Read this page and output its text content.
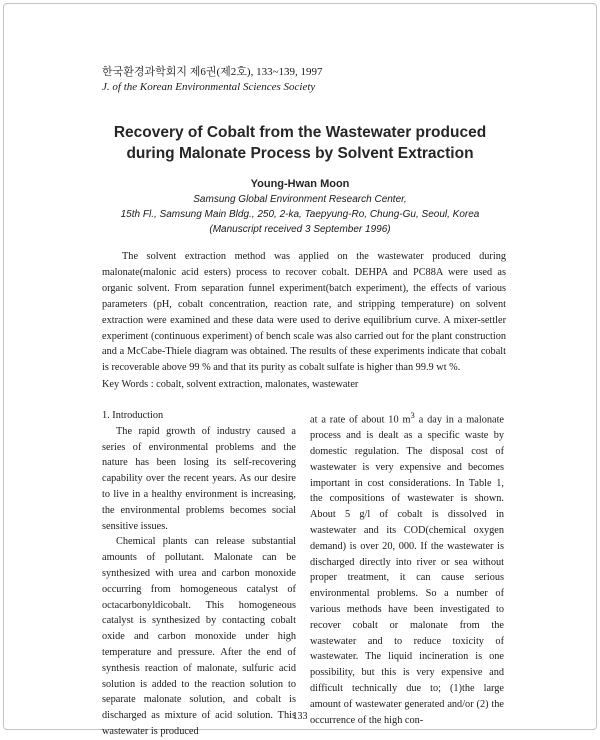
한국환경과학회지 제6권(제2호), 133~139, 1997
J. of the Korean Environmental Sciences Society
Recovery of Cobalt from the Wastewater produced
during Malonate Process by Solvent Extraction
Young-Hwan Moon
Samsung Global Environment Research Center,
15th Fl., Samsung Main Bldg., 250, 2-ka, Taepyung-Ro, Chung-Gu, Seoul, Korea
(Manuscript received 3 September 1996)

The solvent extraction method was applied on the wastewater produced during malonate(malonic acid esters) process to recover cobalt. DEHPA and PC88A were used as organic solvent. From separation funnel experiment(batch experiment), the effects of various parameters (pH, cobalt concentration, reaction rate, and stripping temperature) on solvent extraction were examined and these data were used to derive equilibrium curve. A mixer-settler experiment (continuous experiment) of bench scale was also carried out for the plant construction and a McCabe-Thiele diagram was obtained. The results of these experiments indicate that cobalt is recoverable above 99 % and that its purity as cobalt sulfate is higher than 99.9 wt %.

Key Words : cobalt, solvent extraction, malonates, wastewater

1. Introduction

The rapid growth of industry caused a series of environmental problems and the nature has been losing its self-recovering capability over the recent years. As our desire to live in a healthy environment is increasing, the environmental problems becomes social sensitive issues.

Chemical plants can release substantial amounts of pollutant. Malonate can be synthesized with urea and carbon monoxide occurring from homogeneous catalyst of octacarbonyldicobalt. This homogeneous catalyst is synthesized by contacting cobalt oxide and carbon monoxide under high temperature and pressure. After the end of synthesis reaction of malonate, sulfuric acid solution is added to the reaction solution to separate malonate solution, and cobalt is discharged as mixture of acid solution. This wastewater is produced

at a rate of about 10 $m^3$ a day in a malonate process and is dealt as a specific waste by domestic regulation. The disposal cost of wastewater is very expensive and becomes important in cost considerations. In Table 1, the compositions of wastewater is shown. About 5 g/l of cobalt is dissolved in wastewater and its COD(chemical oxygen demand) is over 20, 000. If the wastewater is discharged directly into river or sea without proper treatment, it can cause serious environmental problems. So a number of various methods have been investigated to recover cobalt or malonate from the wastewater and to reduce toxicity of wastewater. The liquid incineration is one possibility, but this is very expensive and difficult technically due to; (1)the large amount of wastewater generated and/or (2) the occurrence of the high con-

133
